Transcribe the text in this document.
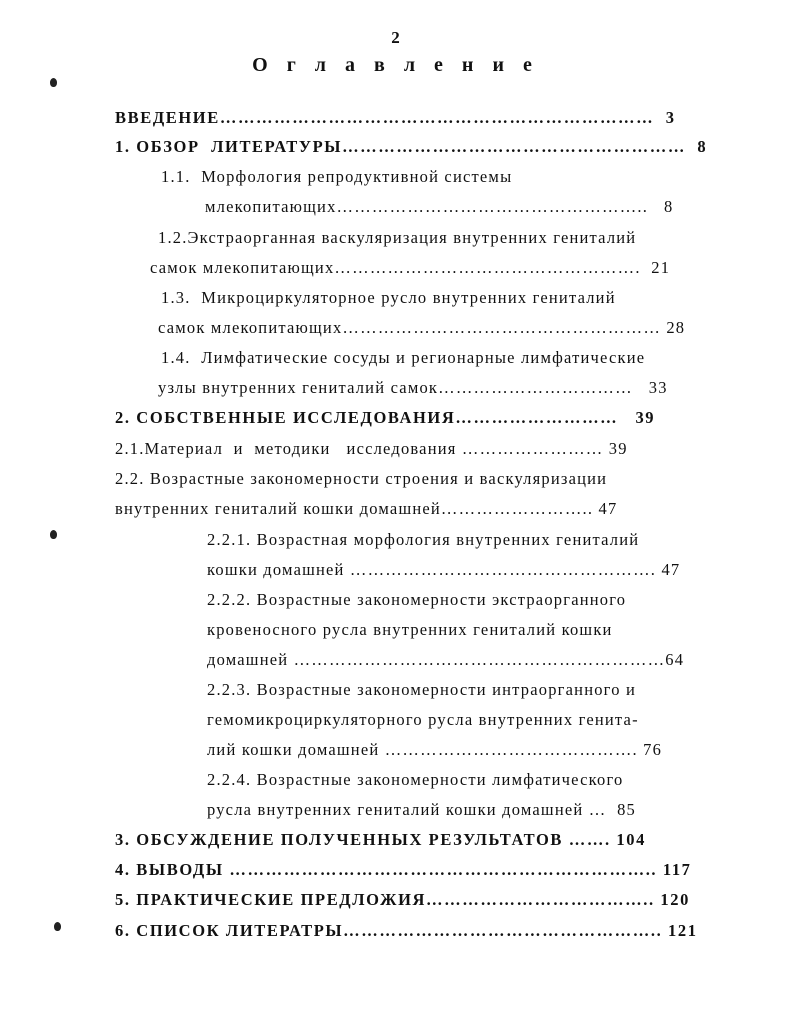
2
О г л а в л е н и е
ВВЕДЕНИЕ………………………………………………………………  3
1. ОБЗОР  ЛИТЕРАТУРЫ…………………………………………………  8
1.1.  Морфология репродуктивной системы
млекопитающих……………………………………………..   8
1.2.Экстраорганная васкуляризация внутренних гениталий
самок млекопитающих…………………………………………….  21
1.3.  Микроциркуляторное русло внутренних гениталий
самок млекопитающих……………………………………………… 28
1.4.  Лимфатические сосуды и регионарные лимфатические
узлы внутренних гениталий самок……………………………   33
2. СОБСТВЕННЫЕ ИССЛЕДОВАНИЯ………………………   39
2.1.Материал  и  методики   исследования …………………… 39
2.2. Возрастные закономерности строения и васкуляризации
внутренних гениталий кошки домашней…………………….. 47
2.2.1. Возрастная морфология внутренних гениталий
кошки домашней ……………………………………………. 47
2.2.2. Возрастные закономерности экстраорганного
кровеносного русла внутренних гениталий кошки
домашней ………………………………………………………64
2.2.3. Возрастные закономерности интраорганного и
гемомикроциркуляторного русла внутренних генита-
лий кошки домашней ……………………………………. 76
2.2.4. Возрастные закономерности лимфатического
русла внутренних гениталий кошки домашней …  85
3. ОБСУЖДЕНИЕ ПОЛУЧЕННЫХ РЕЗУЛЬТАТОВ ……. 104
4. ВЫВОДЫ …………………………………………………………….. 117
5. ПРАКТИЧЕСКИЕ ПРЕДЛОЖИЯ……………………………….. 120
6. СПИСОК ЛИТЕРАТРЫ…………………………………………….. 121
